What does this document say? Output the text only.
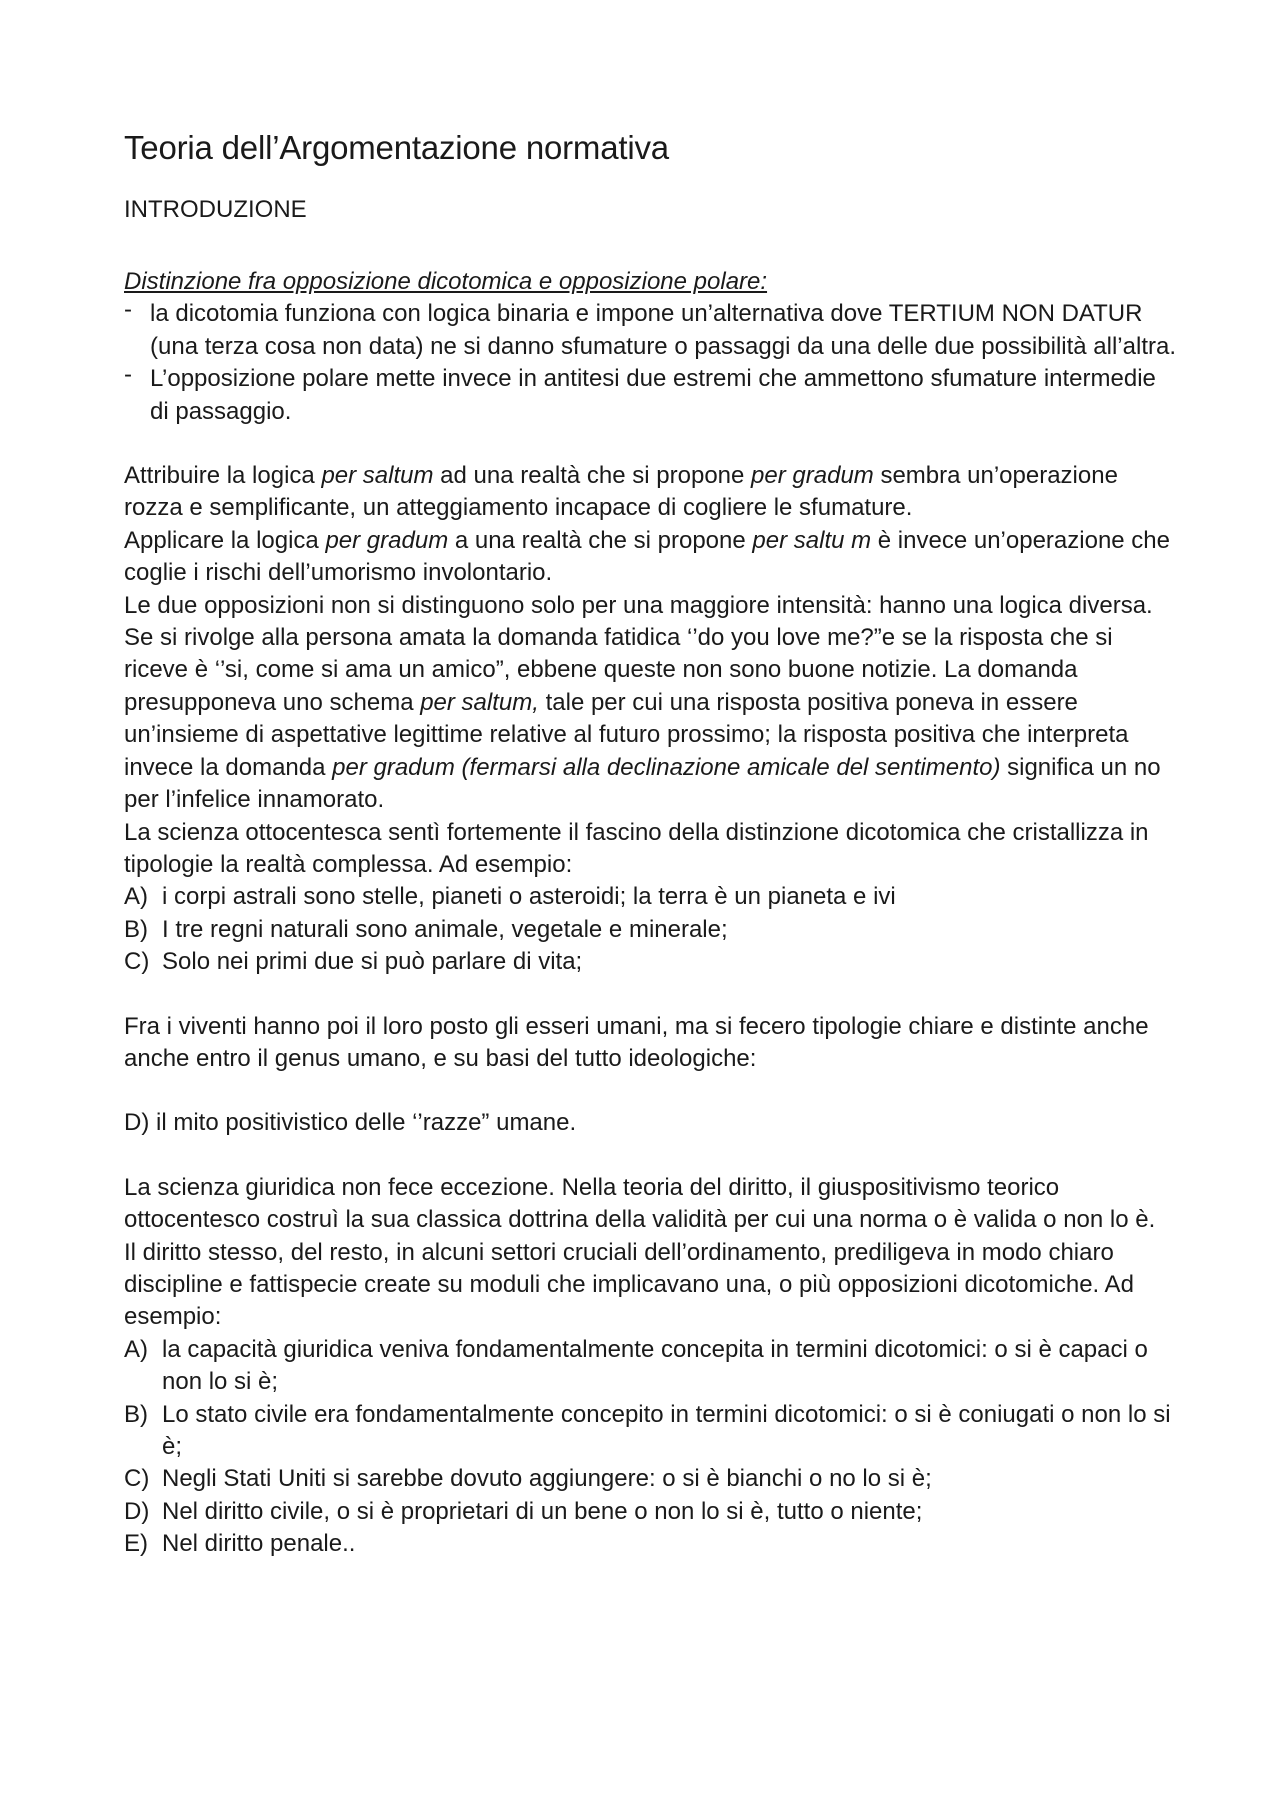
Teoria dell’Argomentazione normativa
INTRODUZIONE
Distinzione fra opposizione dicotomica e opposizione polare:
- la dicotomia funziona con logica binaria e impone un’alternativa dove TERTIUM NON DATUR (una terza cosa non data) ne si danno sfumature o passaggi da una delle due possibilità all’altra.
- L’opposizione polare mette invece in antitesi due estremi che ammettono sfumature intermedie di passaggio.

Attribuire la logica per saltum ad una realtà che si propone per gradum sembra un’operazione rozza e semplificante, un atteggiamento incapace di cogliere le sfumature.

Applicare la logica per gradum a una realtà che si propone per saltu m è invece un’operazione che coglie i rischi dell’umorismo involontario.

Le due opposizioni non si distinguono solo per una maggiore intensità: hanno una logica diversa. Se si rivolge alla persona amata la domanda fatidica ‘’do you love me?”e se la risposta che si riceve è ‘’si, come si ama un amico”, ebbene queste non sono buone notizie. La domanda presupponeva uno schema per saltum, tale per cui una risposta positiva poneva in essere un’insieme di aspettative legittime relative al futuro prossimo; la risposta positiva che interpreta invece la domanda per gradum (fermarsi alla declinazione amicale del sentimento) significa un no per l’infelice innamorato.

La scienza ottocentesca sentì fortemente il fascino della distinzione dicotomica che cristallizza in tipologie la realtà complessa. Ad esempio:

A) i corpi astrali sono stelle, pianeti o asteroidi; la terra è un pianeta e ivi
B) I tre regni naturali sono animale, vegetale e minerale;
C) Solo nei primi due si può parlare di vita;

Fra i viventi hanno poi il loro posto gli esseri umani, ma si fecero tipologie chiare e distinte anche anche entro il genus umano, e su basi del tutto ideologiche:

D) il mito positivistico delle ‘’razze” umane.

La scienza giuridica non fece eccezione. Nella teoria del diritto, il giuspositivismo teorico ottocentesco costruì la sua classica dottrina della validità per cui una norma o è valida o non lo è.

Il diritto stesso, del resto, in alcuni settori cruciali dell’ordinamento, prediligeva in modo chiaro discipline e fattispecie create su moduli che implicavano una, o più opposizioni dicotomiche. Ad esempio:

A) la capacità giuridica veniva fondamentalmente concepita in termini dicotomici: o si è capaci o non lo si è;
B) Lo stato civile era fondamentalmente concepito in termini dicotomici: o si è coniugati o non lo si è;
C) Negli Stati Uniti si sarebbe dovuto aggiungere: o si è bianchi o no lo si è;
D) Nel diritto civile, o si è proprietari di un bene o non lo si è, tutto o niente;
E) Nel diritto penale..
